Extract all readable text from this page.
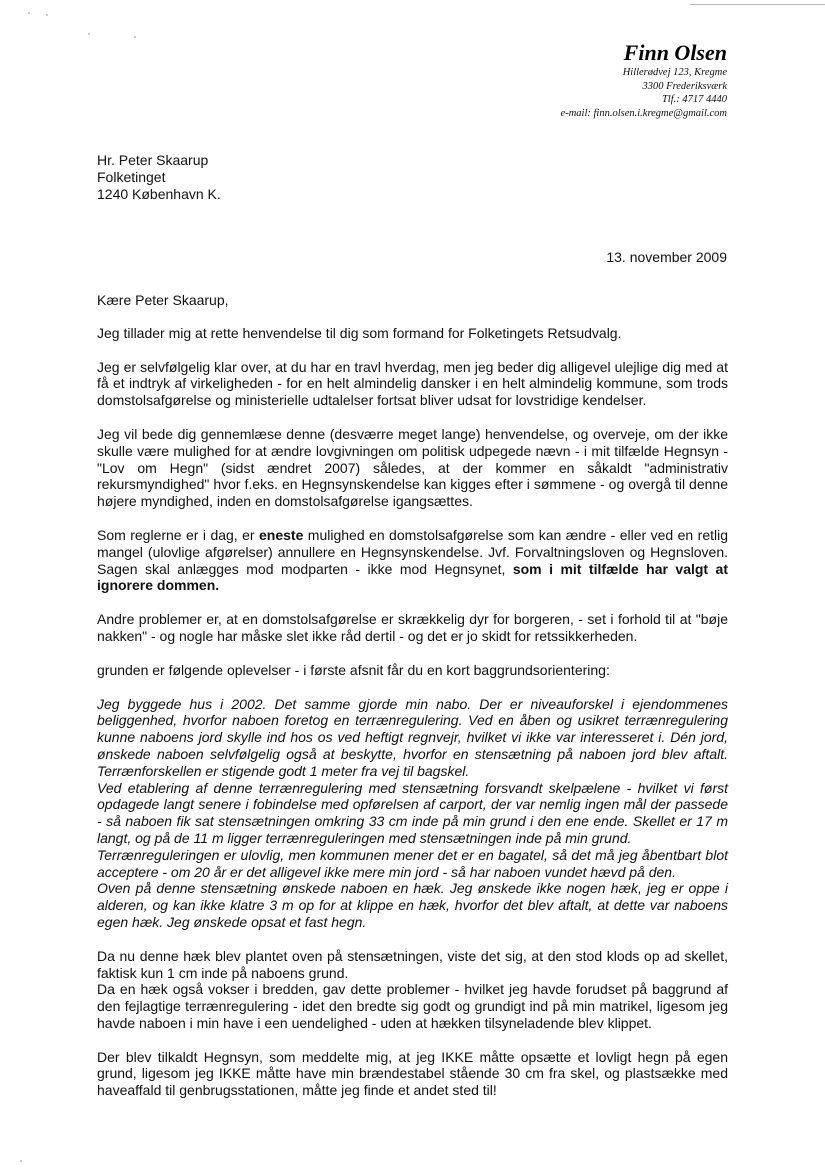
Finn Olsen
Hillerødvej 123, Kregme
3300 Frederiksværk
Tlf.: 4717 4440
e-mail: finn.olsen.i.kregme@gmail.com
Hr. Peter Skaarup
Folketinget
1240 København K.
13. november 2009

Kære Peter Skaarup,

Jeg tillader mig at rette henvendelse til dig som formand for Folketingets Retsudvalg.

Jeg er selvfølgelig klar over, at du har en travl hverdag, men jeg beder dig alligevel ulejlige dig med at få et indtryk af virkeligheden - for en helt almindelig dansker i en helt almindelig kommune, som trods domstolsafgørelse og ministerielle udtalelser fortsat bliver udsat for lovstridige kendelser.

Jeg vil bede dig gennemlæse denne (desværre meget lange) henvendelse, og overveje, om der ikke skulle være mulighed for at ændre lovgivningen om politisk udpegede nævn - i mit tilfælde Hegnsyn - "Lov om Hegn" (sidst ændret 2007) således, at der kommer en såkaldt "administrativ rekursmyndighed" hvor f.eks. en Hegnsynskendelse kan kigges efter i sømmene - og overgå til denne højere myndighed, inden en domstolsafgørelse igangsættes.

Som reglerne er i dag, er eneste mulighed en domstolsafgørelse som kan ændre - eller ved en retlig mangel (ulovlige afgørelser) annullere en Hegnsynskendelse. Jvf. Forvaltningsloven og Hegnsloven. Sagen skal anlægges mod modparten - ikke mod Hegnsynet, som i mit tilfælde har valgt at ignorere dommen.

Andre problemer er, at en domstolsafgørelse er skrækkelig dyr for borgeren, - set i forhold til at "bøje nakken" - og nogle har måske slet ikke råd dertil - og det er jo skidt for retssikkerheden.

grunden er følgende oplevelser - i første afsnit får du en kort baggrundsorientering:

Jeg byggede hus i 2002. Det samme gjorde min nabo. Der er niveauforskel i ejendommenes beliggenhed, hvorfor naboen foretog en terrænregulering. Ved en åben og usikret terrænregulering kunne naboens jord skylle ind hos os ved heftigt regnvejr, hvilket vi ikke var interesseret i. Dén jord, ønskede naboen selvfølgelig også at beskytte, hvorfor en stensætning på naboen jord blev aftalt. Terrænforskellen er stigende godt 1 meter fra vej til bagskel.

Ved etablering af denne terrænregulering med stensætning forsvandt skelpælene - hvilket vi først opdagede langt senere i fobindelse med opførelsen af carport, der var nemlig ingen mål der passede - så naboen fik sat stensætningen omkring 33 cm inde på min grund i den ene ende. Skellet er 17 m langt, og på de 11 m ligger terrænreguleringen med stensætningen inde på min grund.

Terrænreguleringen er ulovlig, men kommunen mener det er en bagatel, så det må jeg åbentbart blot acceptere - om 20 år er det alligevel ikke mere min jord - så har naboen vundet hævd på den.

Oven på denne stensætning ønskede naboen en hæk. Jeg ønskede ikke nogen hæk, jeg er oppe i alderen, og kan ikke klatre 3 m op for at klippe en hæk, hvorfor det blev aftalt, at dette var naboens egen hæk. Jeg ønskede opsat et fast hegn.

Da nu denne hæk blev plantet oven på stensætningen, viste det sig, at den stod klods op ad skellet, faktisk kun 1 cm inde på naboens grund.
Da en hæk også vokser i bredden, gav dette problemer - hvilket jeg havde forudset på baggrund af den fejlagtige terrænregulering - idet den bredte sig godt og grundigt ind på min matrikel, ligesom jeg havde naboen i min have i een uendelighed - uden at hækken tilsyneladende blev klippet.

Der blev tilkaldt Hegnsyn, som meddelte mig, at jeg IKKE måtte opsætte et lovligt hegn på egen grund, ligesom jeg IKKE måtte have min brændestabel stående 30 cm fra skel, og plastsække med haveaffald til genbrugsstationen, måtte jeg finde et andet sted til!
